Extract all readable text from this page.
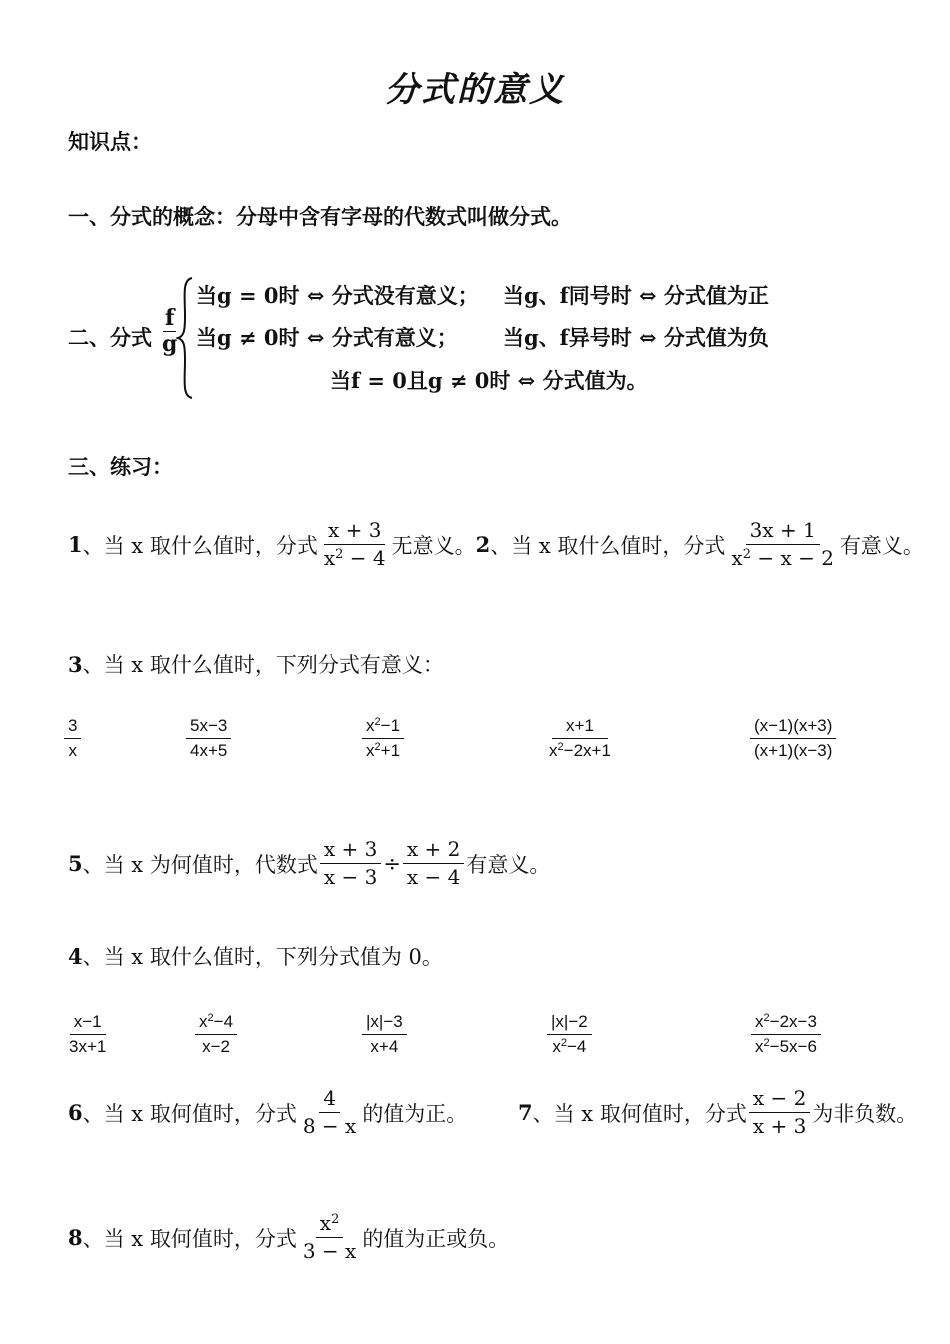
分式的意义
知识点：
一、分式的概念：分母中含有字母的代数式叫做分式。
二、分式 $\frac{f}{g}$
当g = 0时 ⇔ 分式没有意义； 当g、f同号时 ⇔ 分式值为正
当g ≠ 0时 ⇔ 分式有意义； 当g、f异号时 ⇔ 分式值为负
当f = 0且g ≠ 0时 ⇔ 分式值为。
三、练习：
1 、当 x 取什么值时，分式 $\frac{x + 3}{x^2 - 4}$ 无意义。 2 、当 x 取什么值时，分式 $\frac{3x + 1}{x^2 - x - 2}$ 有意义。
3、当 x 取什么值时，下列分式有意义：
$\frac{3}{x}$	$\frac{5x-3}{4x+5}$	$\frac{x^2-1}{x^2+1}$	$\frac{x+1}{x^2-2x+1}$	$\frac{(x-1)(x+3)}{(x+1)(x-3)}$
5 、当 x 为何值时，代数式 $\frac{x + 3}{x - 3} \div \frac{x + 2}{x - 4}$ 有意义。
4、当 x 取什么值时，下列分式值为 0。
$\frac{x-1}{3x+1}$	$\frac{x^2-4}{x-2}$	$\frac{|x|-3}{x+4}$	$\frac{|x|-2}{x^2-4}$	$\frac{x^2-2x-3}{x^2-5x-6}$
6 、当 x 取何值时，分式 $\frac{4}{8 - x}$ 的值为正。 7 、当 x 取何值时，分式 $\frac{x - 2}{x + 3}$ 为非负数。
8 、当 x 取何值时，分式 $\frac{x^2}{3 - x}$ 的值为正或负。
